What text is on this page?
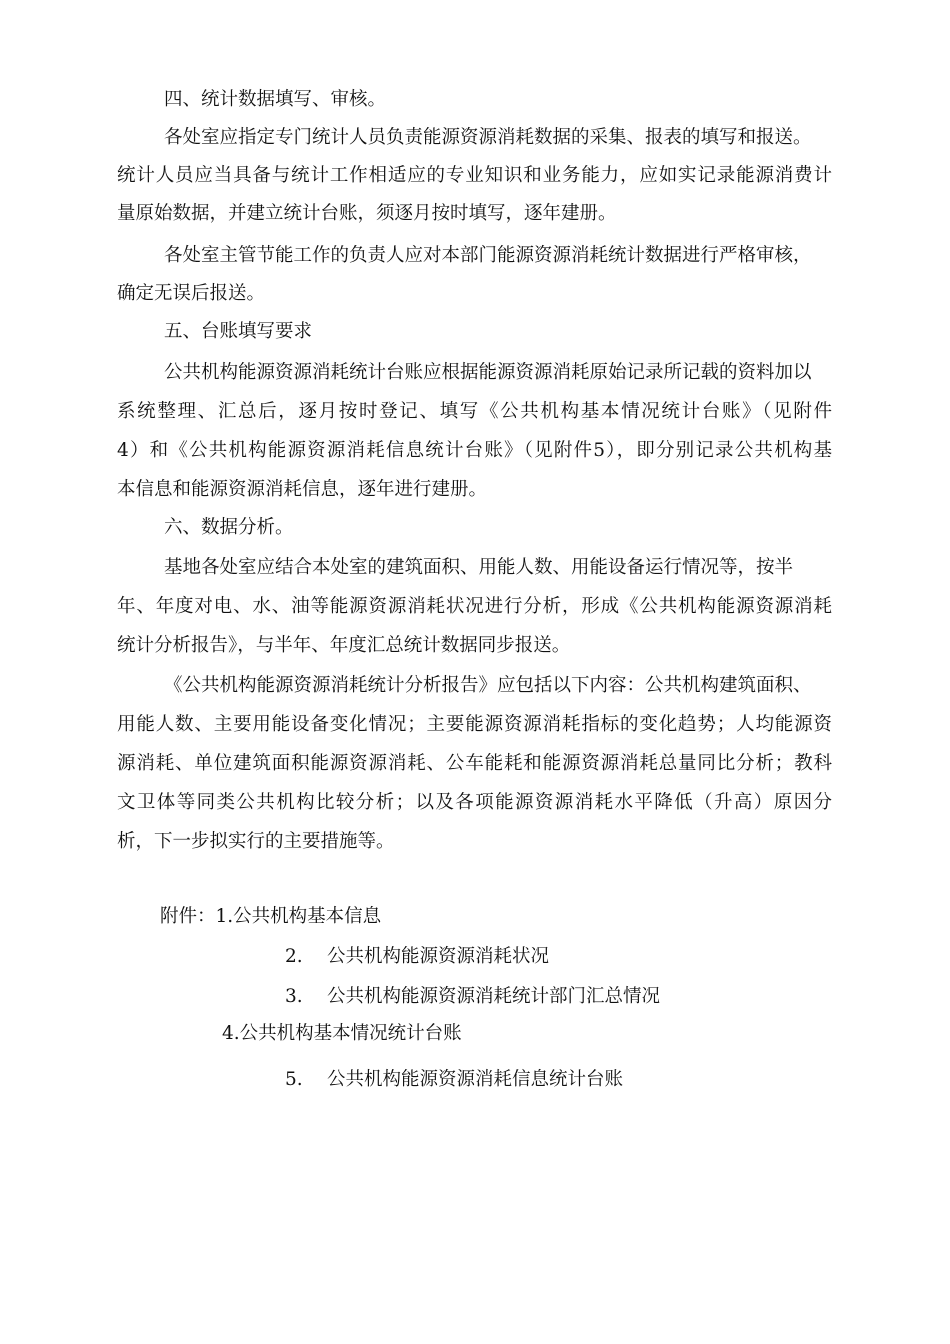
四、统计数据填写、审核。
各处室应指定专门统计人员负责能源资源消耗数据的采集、报表的填写和报送。
统计人员应当具备与统计工作相适应的专业知识和业务能力，应如实记录能源消费计
量原始数据，并建立统计台账，须逐月按时填写，逐年建册。
各处室主管节能工作的负责人应对本部门能源资源消耗统计数据进行严格审核，
确定无误后报送。
五、台账填写要求
公共机构能源资源消耗统计台账应根据能源资源消耗原始记录所记载的资料加以
系统整理、汇总后，逐月按时登记、填写《公共机构基本情况统计台账》（见附件
4）和《公共机构能源资源消耗信息统计台账》（见附件5），即分别记录公共机构基
本信息和能源资源消耗信息，逐年进行建册。
六、数据分析。
基地各处室应结合本处室的建筑面积、用能人数、用能设备运行情况等，按半
年、年度对电、水、油等能源资源消耗状况进行分析，形成《公共机构能源资源消耗
统计分析报告》，与半年、年度汇总统计数据同步报送。
《公共机构能源资源消耗统计分析报告》应包括以下内容：公共机构建筑面积、
用能人数、主要用能设备变化情况；主要能源资源消耗指标的变化趋势；人均能源资
源消耗、单位建筑面积能源资源消耗、公车能耗和能源资源消耗总量同比分析；教科
文卫体等同类公共机构比较分析；以及各项能源资源消耗水平降低（升高）原因分
析，下一步拟实行的主要措施等。
附件：1.公共机构基本信息
2. 公共机构能源资源消耗状况
3. 公共机构能源资源消耗统计部门汇总情况
4.公共机构基本情况统计台账
5. 公共机构能源资源消耗信息统计台账
